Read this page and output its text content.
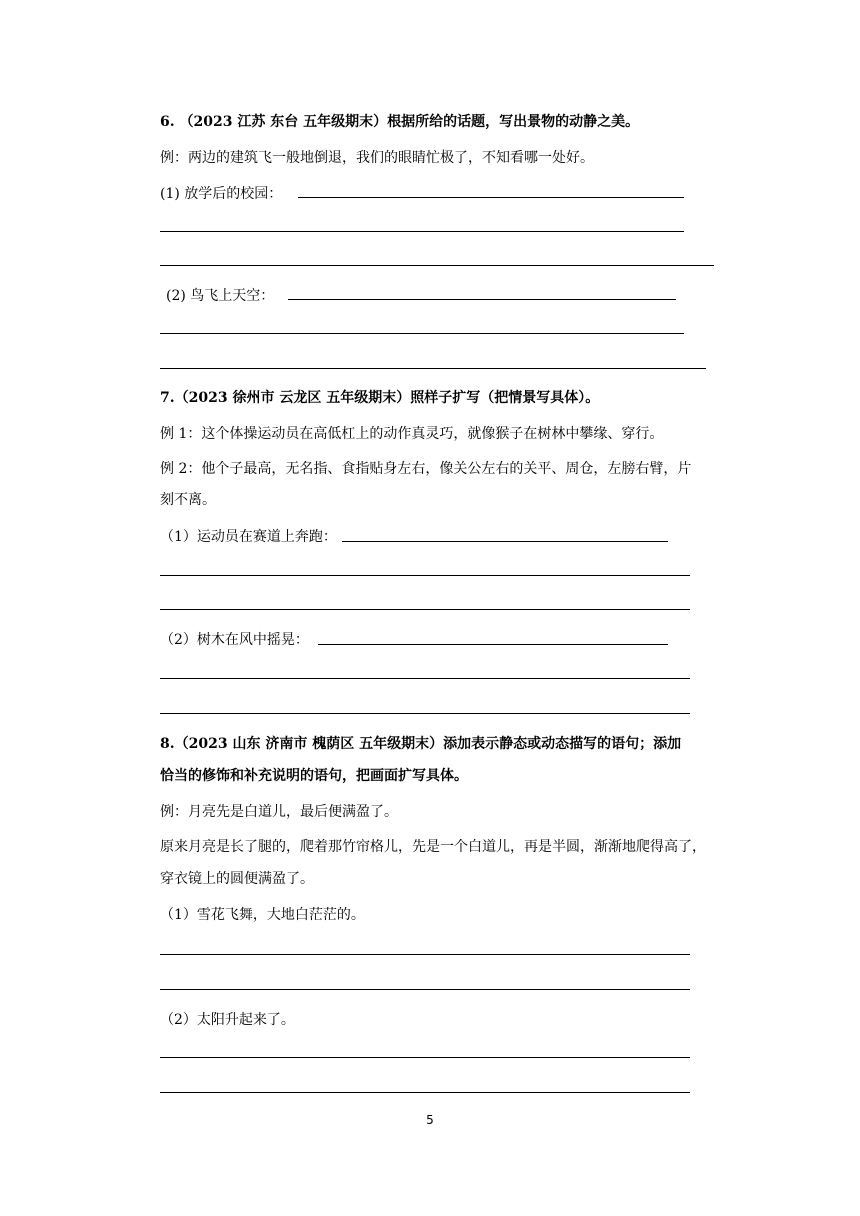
6. （2023 江苏 东台 五年级期末）根据所给的话题，写出景物的动静之美。
例：两边的建筑飞一般地倒退，我们的眼睛忙极了，不知看哪一处好。
(1) 放学后的校园：
(2) 鸟飞上天空：
7.（2023 徐州市 云龙区 五年级期末）照样子扩写（把情景写具体）。
例 1：这个体操运动员在高低杠上的动作真灵巧，就像猴子在树林中攀缘、穿行。
例 2：他个子最高，无名指、食指贴身左右，像关公左右的关平、周仓，左膀右臂，片
刻不离。
（1）运动员在赛道上奔跑：
（2）树木在风中摇晃：
8.（2023 山东 济南市 槐荫区 五年级期末）添加表示静态或动态描写的语句；添加
恰当的修饰和补充说明的语句，把画面扩写具体。
例：月亮先是白道儿，最后便满盈了。
原来月亮是长了腿的，爬着那竹帘格儿，先是一个白道儿，再是半圆，渐渐地爬得高了，
穿衣镜上的圆便满盈了。
（1）雪花飞舞，大地白茫茫的。
（2）太阳升起来了。
5
